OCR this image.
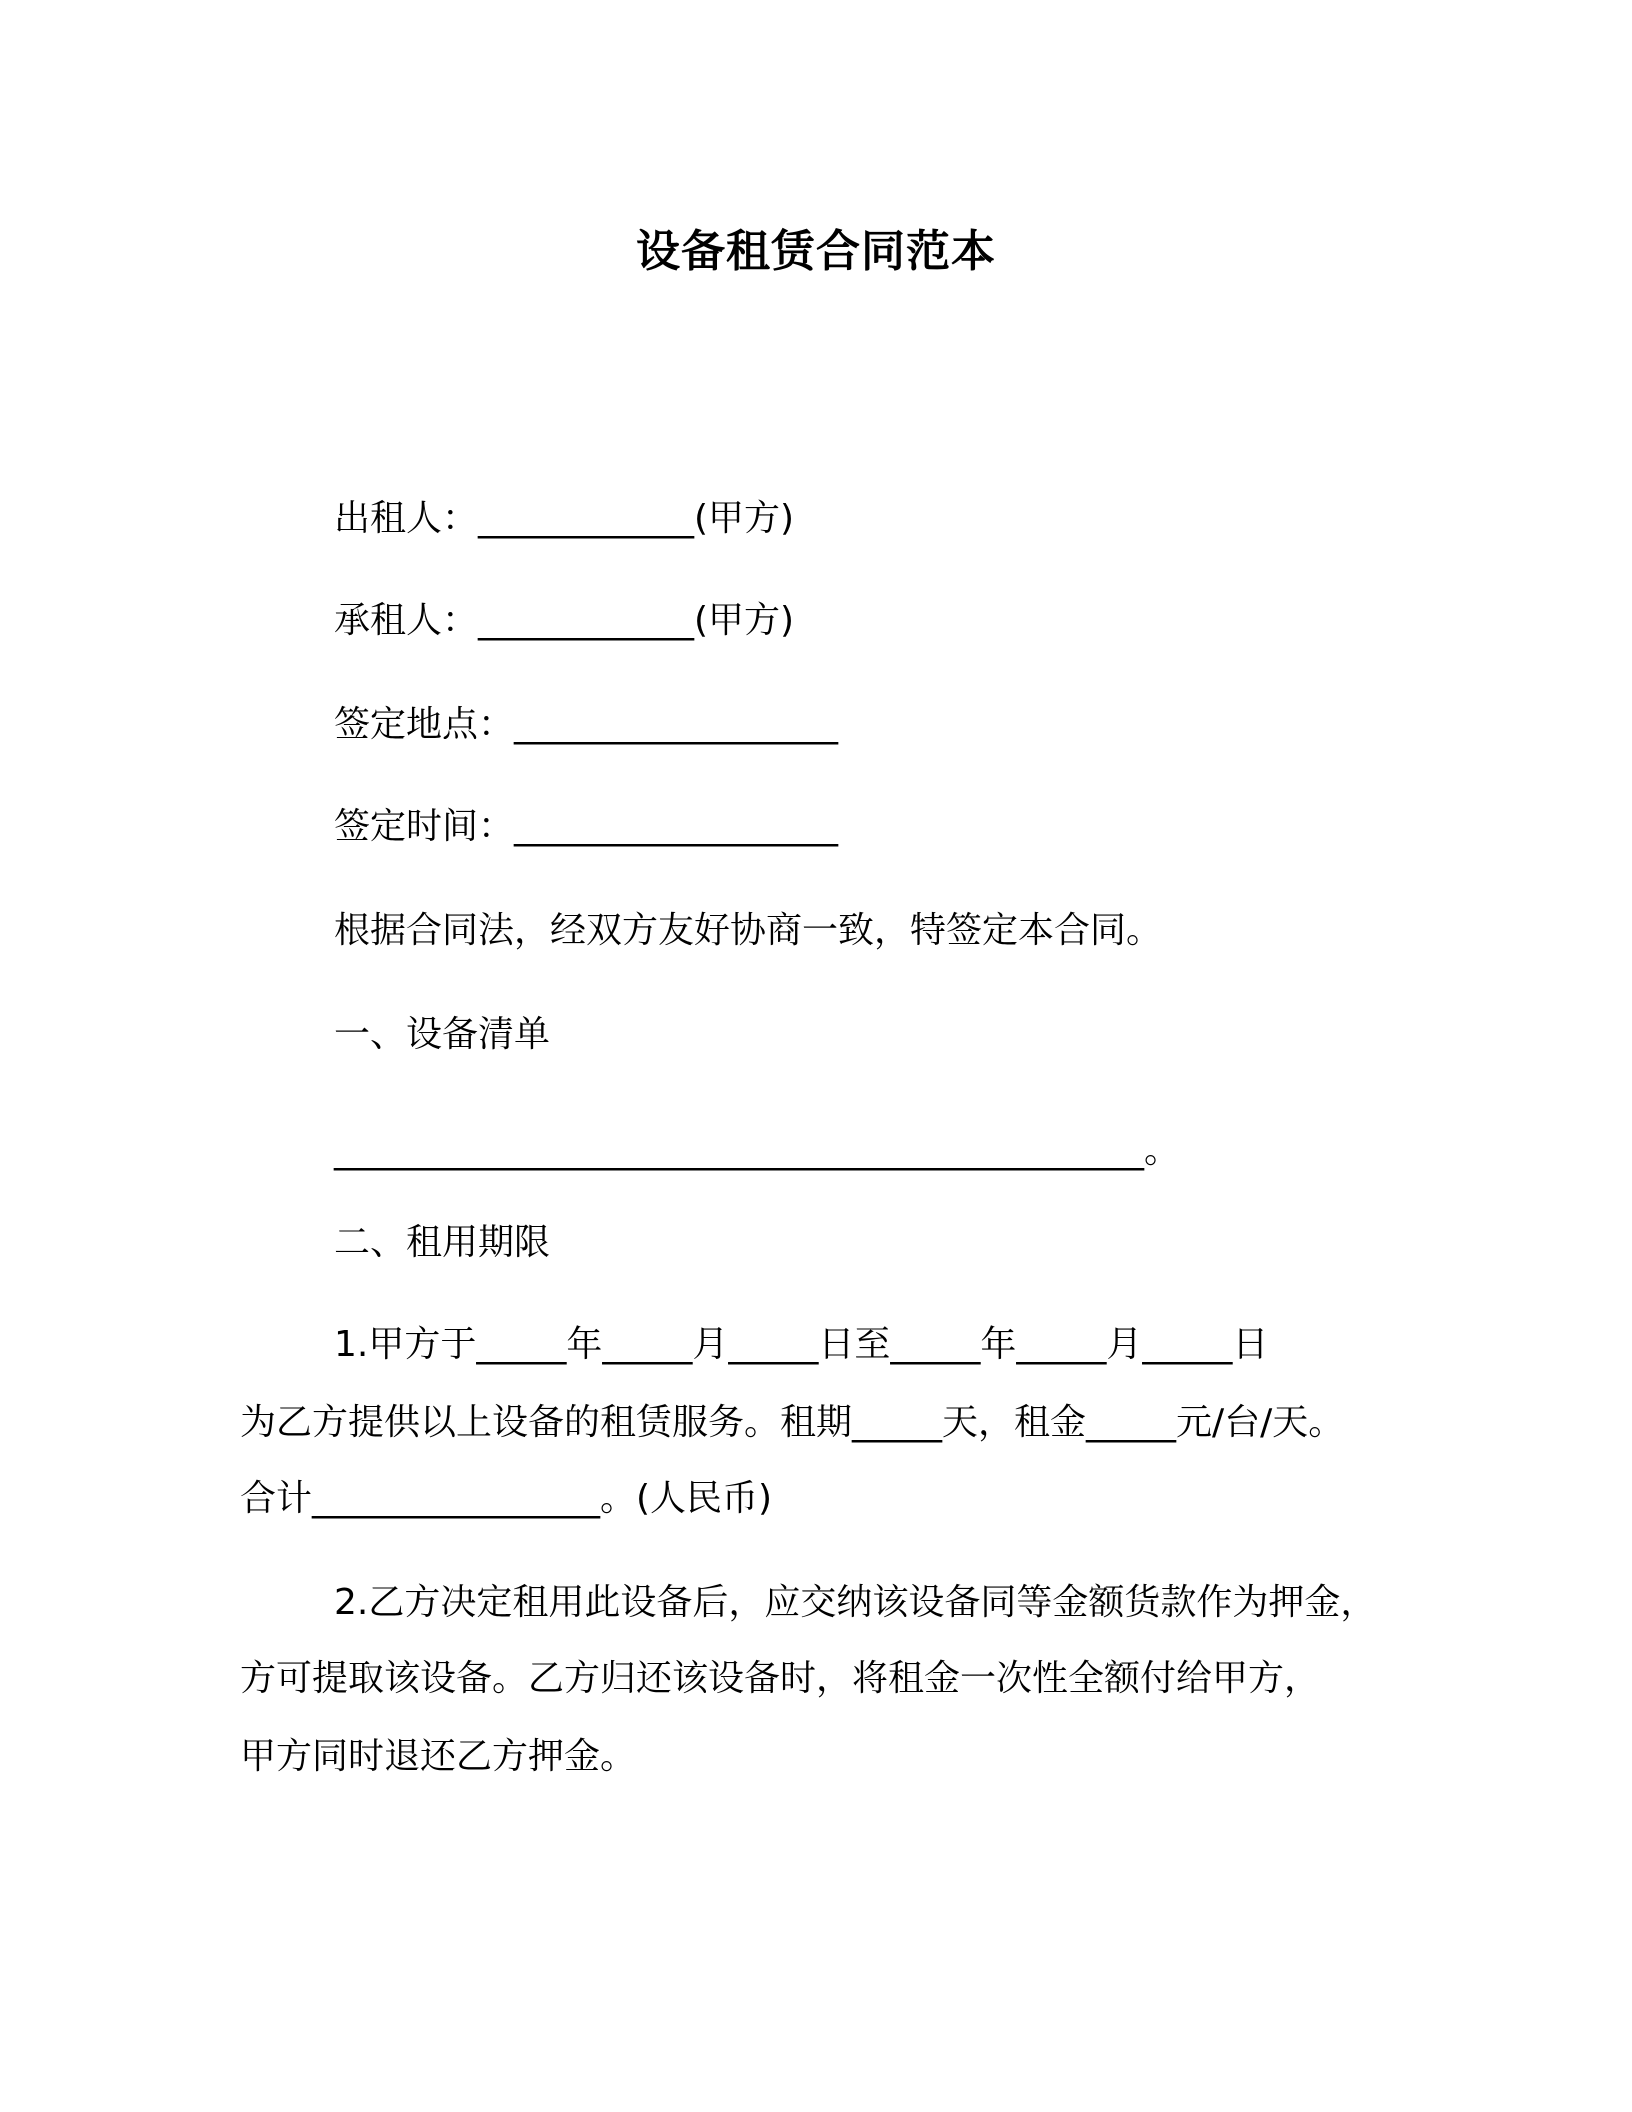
设备租赁合同范本
出租人：____________(甲方)
承租人：____________(甲方)
签定地点：__________________
签定时间：__________________
根据合同法，经双方友好协商一致，特签定本合同。
一、设备清单
_____________________________________________。
二、租用期限
1.甲方于_____年_____月_____日至_____年_____月_____日
为乙方提供以上设备的租赁服务。租期_____天，租金_____元/台/天。
合计________________。(人民币)
2.乙方决定租用此设备后，应交纳该设备同等金额货款作为押金，
方可提取该设备。乙方归还该设备时，将租金一次性全额付给甲方，
甲方同时退还乙方押金。
